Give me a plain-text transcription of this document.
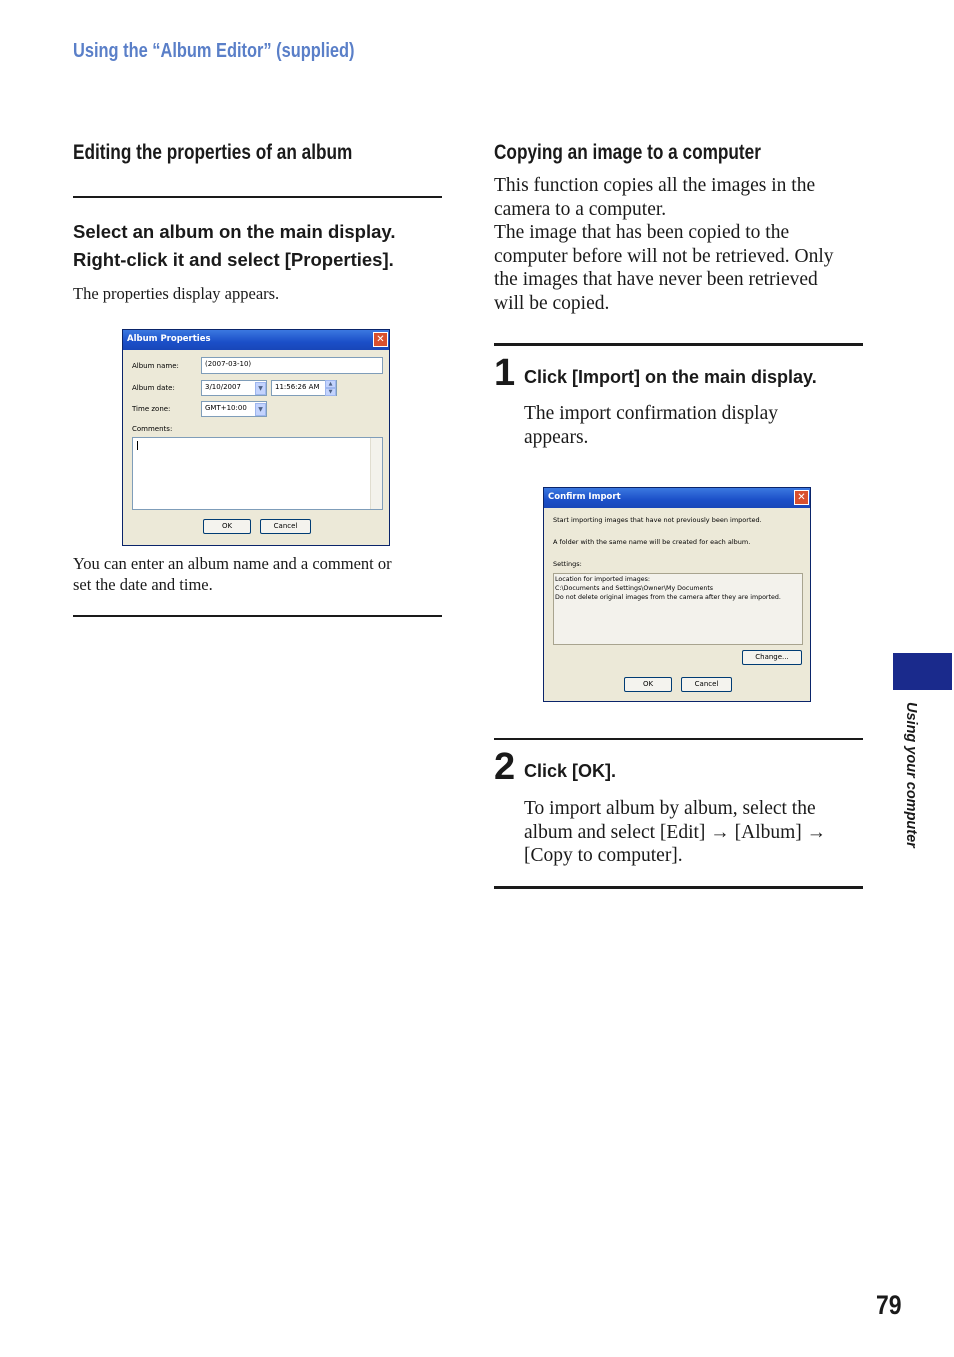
Using the “Album Editor” (supplied)
Editing the properties of an album
Select an album on the main display.
Right-click it and select [Properties].
The properties display appears.
Album Properties	✕
Album name:	(2007-03-10)
Album date:	3/10/2007	▼	11:56:26 AM	▲
▼
Time zone:	GMT+10:00	▼
Comments:
OK	Cancel
You can enter an album name and a comment or
set the date and time.
Copying an image to a computer
This function copies all the images in the
camera to a computer.
The image that has been copied to the
computer before will not be retrieved. Only
the images that have never been retrieved
will be copied.
1 Click [Import] on the main display.
The import confirmation display
appears.
Confirm Import	✕
Start importing images that have not previously been imported.
A folder with the same name will be created for each album.
Settings:
Location for imported images:
C:\Documents and Settings\Owner\My Documents
Do not delete original images from the camera after they are imported.
Change...
OK	Cancel
2 Click [OK].
To import album by album, select the
album and select [Edit] → [Album] →
[Copy to computer].
Using your computer
79
